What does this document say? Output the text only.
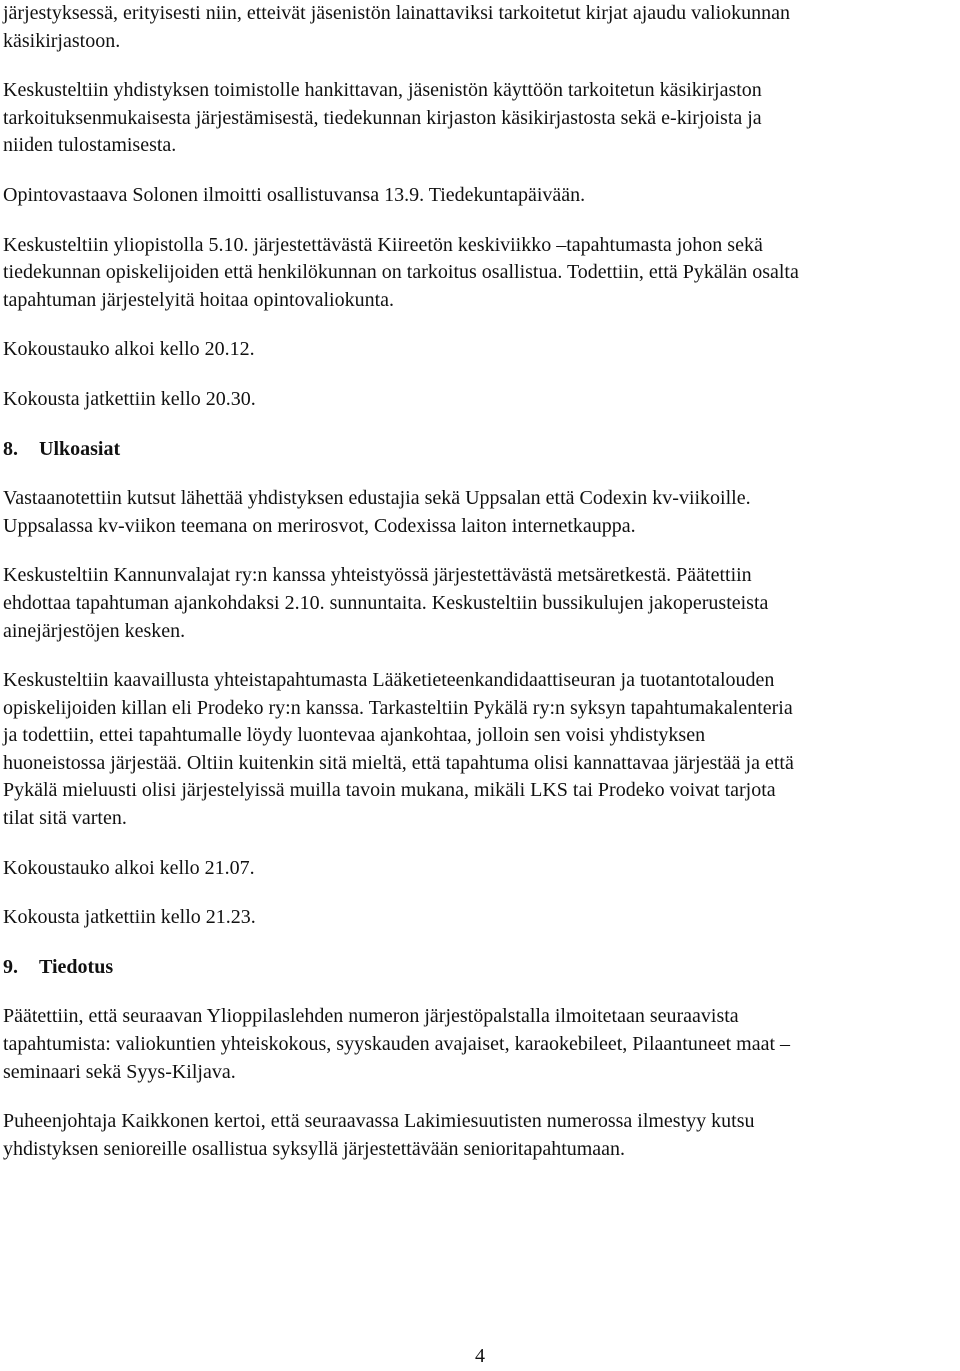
järjestyksessä, erityisesti niin, etteivät jäsenistön lainattaviksi tarkoitetut kirjat ajaudu valiokunnan
käsikirjastoon.

Keskusteltiin yhdistyksen toimistolle hankittavan, jäsenistön käyttöön tarkoitetun käsikirjaston
tarkoituksenmukaisesta järjestämisestä, tiedekunnan kirjaston käsikirjastosta sekä e-kirjoista ja
niiden tulostamisesta.

Opintovastaava Solonen ilmoitti osallistuvansa 13.9. Tiedekuntapäivään.

Keskusteltiin yliopistolla 5.10. järjestettävästä Kiireetön keskiviikko –tapahtumasta johon sekä
tiedekunnan opiskelijoiden että henkilökunnan on tarkoitus osallistua. Todettiin, että Pykälän osalta
tapahtuman järjestelyitä hoitaa opintovaliokunta.

Kokoustauko alkoi kello 20.12.

Kokousta jatkettiin kello 20.30.

8. Ulkoasiat

Vastaanotettiin kutsut lähettää yhdistyksen edustajia sekä Uppsalan että Codexin kv-viikoille.
Uppsalassa kv-viikon teemana on merirosvot, Codexissa laiton internetkauppa.

Keskusteltiin Kannunvalajat ry:n kanssa yhteistyössä järjestettävästä metsäretkestä. Päätettiin
ehdottaa tapahtuman ajankohdaksi 2.10. sunnuntaita. Keskusteltiin bussikulujen jakoperusteista
ainejärjestöjen kesken.

Keskusteltiin kaavaillusta yhteistapahtumasta Lääketieteenkandidaattiseuran ja tuotantotalouden
opiskelijoiden killan eli Prodeko ry:n kanssa. Tarkasteltiin Pykälä ry:n syksyn tapahtumakalenteria
ja todettiin, ettei tapahtumalle löydy luontevaa ajankohtaa, jolloin sen voisi yhdistyksen
huoneistossa järjestää. Oltiin kuitenkin sitä mieltä, että tapahtuma olisi kannattavaa järjestää ja että
Pykälä mieluusti olisi järjestelyissä muilla tavoin mukana, mikäli LKS tai Prodeko voivat tarjota
tilat sitä varten.

Kokoustauko alkoi kello 21.07.

Kokousta jatkettiin kello 21.23.

9. Tiedotus

Päätettiin, että seuraavan Ylioppilaslehden numeron järjestöpalstalla ilmoitetaan seuraavista
tapahtumista: valiokuntien yhteiskokous, syyskauden avajaiset, karaokebileet, Pilaantuneet maat –
seminaari sekä Syys-Kiljava.

Puheenjohtaja Kaikkonen kertoi, että seuraavassa Lakimiesuutisten numerossa ilmestyy kutsu
yhdistyksen senioreille osallistua syksyllä järjestettävään senioritapahtumaan.

4
